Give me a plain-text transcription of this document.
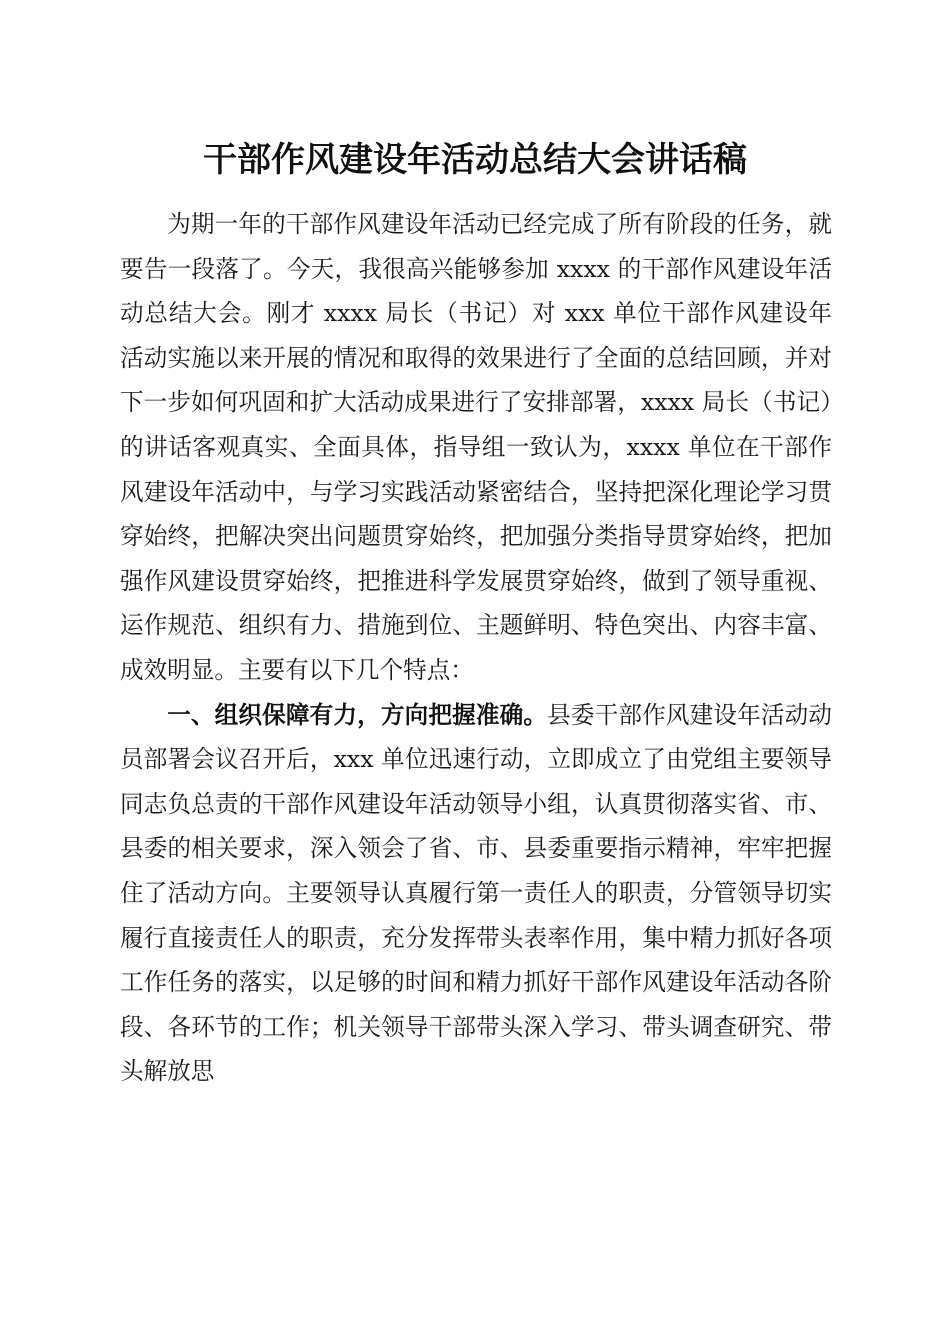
干部作风建设年活动总结大会讲话稿

为期一年的干部作风建设年活动已经完成了所有阶段的任务，就要告一段落了。今天，我很高兴能够参加 xxxx 的干部作风建设年活动总结大会。刚才 xxxx 局长（书记）对 xxx 单位干部作风建设年活动实施以来开展的情况和取得的效果进行了全面的总结回顾，并对下一步如何巩固和扩大活动成果进行了安排部署，xxxx 局长（书记）的讲话客观真实、全面具体，指导组一致认为，xxxx 单位在干部作风建设年活动中，与学习实践活动紧密结合，坚持把深化理论学习贯穿始终，把解决突出问题贯穿始终，把加强分类指导贯穿始终，把加强作风建设贯穿始终，把推进科学发展贯穿始终，做到了领导重视、运作规范、组织有力、措施到位、主题鲜明、特色突出、内容丰富、成效明显。主要有以下几个特点：

一、组织保障有力，方向把握准确。县委干部作风建设年活动动员部署会议召开后，xxx 单位迅速行动，立即成立了由党组主要领导同志负总责的干部作风建设年活动领导小组，认真贯彻落实省、市、县委的相关要求，深入领会了省、市、县委重要指示精神，牢牢把握住了活动方向。主要领导认真履行第一责任人的职责，分管领导切实履行直接责任人的职责，充分发挥带头表率作用，集中精力抓好各项工作任务的落实，以足够的时间和精力抓好干部作风建设年活动各阶段、各环节的工作；机关领导干部带头深入学习、带头调查研究、带头解放思
